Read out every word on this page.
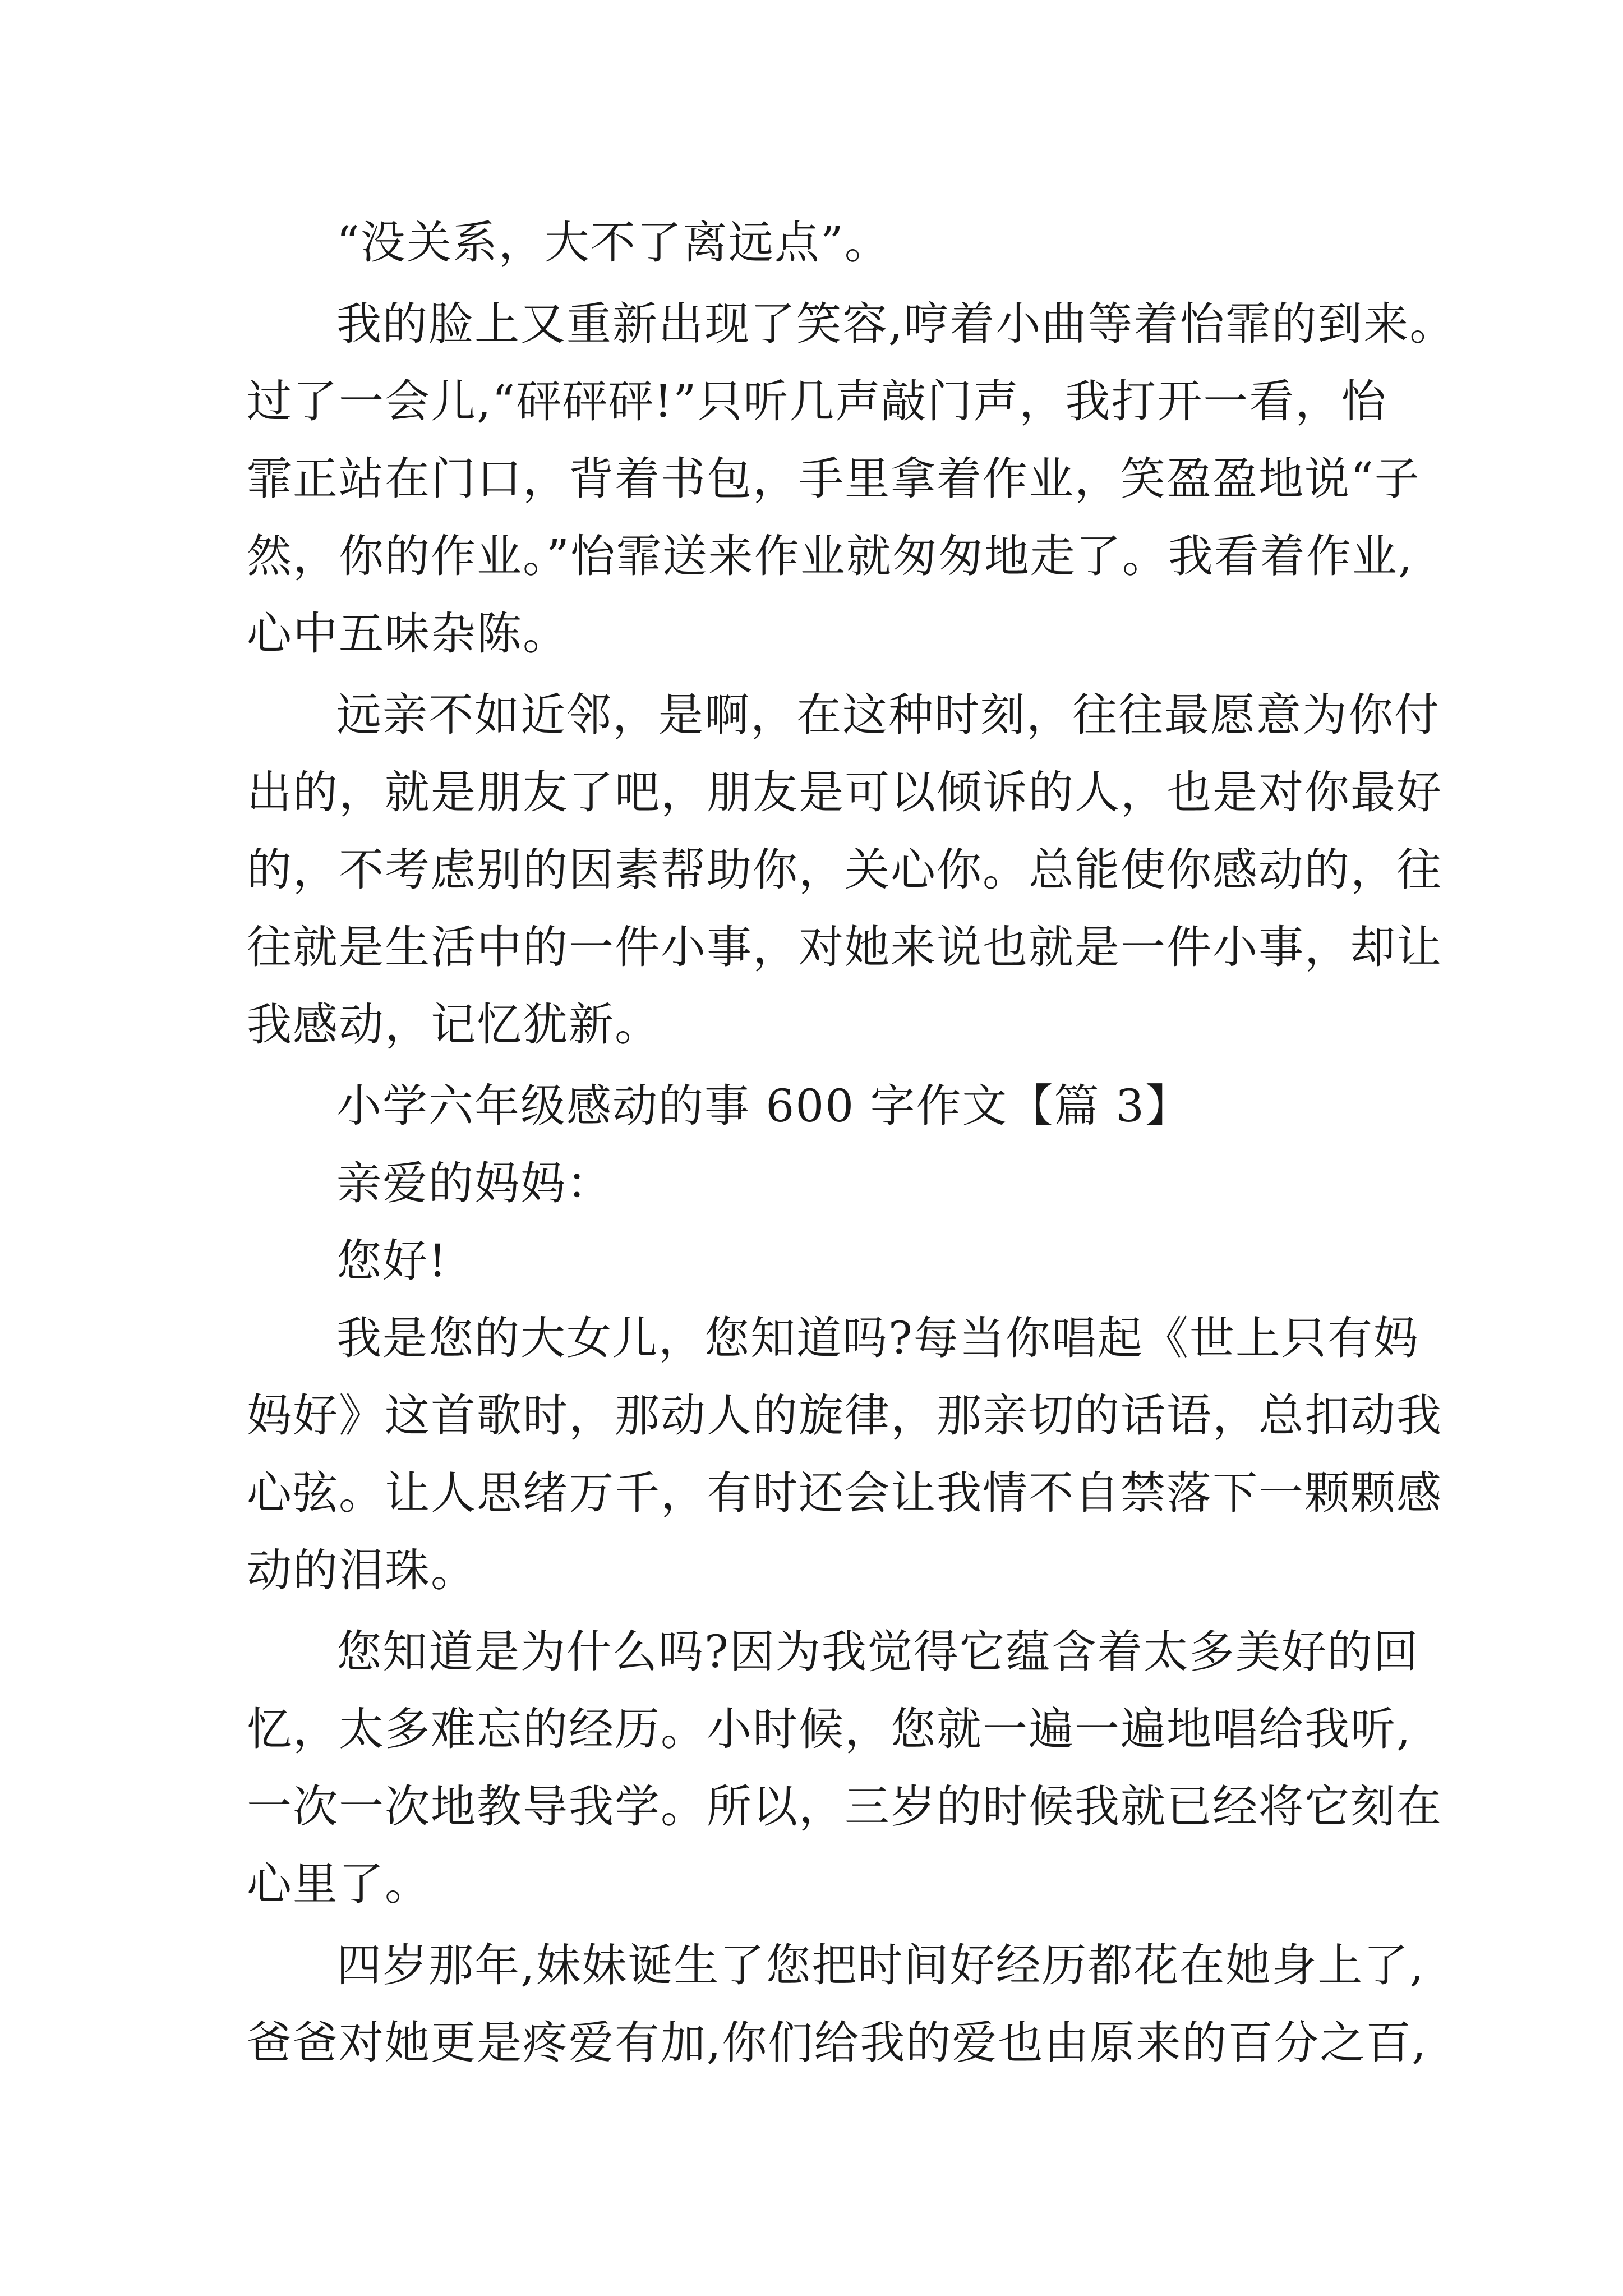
“没关系，大不了离远点”。
我的脸上又重新出现了笑容,哼着小曲等着怡霏的到来。
过了一会儿,“砰砰砰!”只听几声敲门声，我打开一看，怡
霏正站在门口，背着书包，手里拿着作业，笑盈盈地说“子
然，你的作业。”怡霏送来作业就匆匆地走了。我看着作业,
心中五味杂陈。
远亲不如近邻，是啊，在这种时刻，往往最愿意为你付
出的，就是朋友了吧，朋友是可以倾诉的人，也是对你最好
的，不考虑别的因素帮助你，关心你。总能使你感动的，往
往就是生活中的一件小事，对她来说也就是一件小事，却让
我感动，记忆犹新。
小学六年级感动的事 600 字作文【篇 3】
亲爱的妈妈：
您好!
我是您的大女儿，您知道吗?每当你唱起《世上只有妈
妈好》这首歌时，那动人的旋律，那亲切的话语，总扣动我
心弦。让人思绪万千，有时还会让我情不自禁落下一颗颗感
动的泪珠。
您知道是为什么吗?因为我觉得它蕴含着太多美好的回
忆，太多难忘的经历。小时候，您就一遍一遍地唱给我听,
一次一次地教导我学。所以，三岁的时候我就已经将它刻在
心里了。
四岁那年,妹妹诞生了您把时间好经历都花在她身上了,
爸爸对她更是疼爱有加,你们给我的爱也由原来的百分之百,
